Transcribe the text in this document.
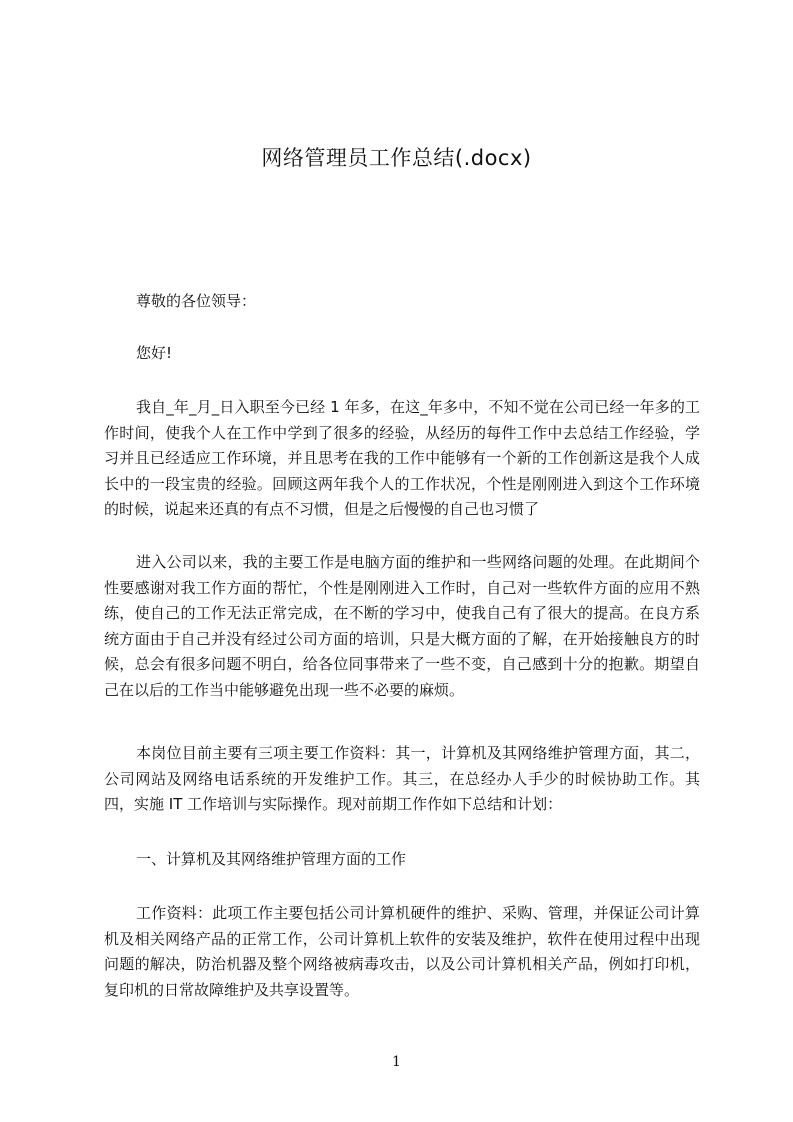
网络管理员工作总结(.docx)

尊敬的各位领导：

您好!

我自_年_月_日入职至今已经 1 年多，在这_年多中，不知不觉在公司已经一年多的工作时间，使我个人在工作中学到了很多的经验，从经历的每件工作中去总结工作经验，学习并且已经适应工作环境，并且思考在我的工作中能够有一个新的工作创新这是我个人成长中的一段宝贵的经验。回顾这两年我个人的工作状况，个性是刚刚进入到这个工作环境的时候，说起来还真的有点不习惯，但是之后慢慢的自己也习惯了

进入公司以来，我的主要工作是电脑方面的维护和一些网络问题的处理。在此期间个性要感谢对我工作方面的帮忙，个性是刚刚进入工作时，自己对一些软件方面的应用不熟练，使自己的工作无法正常完成，在不断的学习中，使我自己有了很大的提高。在良方系统方面由于自己并没有经过公司方面的培训，只是大概方面的了解，在开始接触良方的时候，总会有很多问题不明白，给各位同事带来了一些不变，自己感到十分的抱歉。期望自己在以后的工作当中能够避免出现一些不必要的麻烦。

本岗位目前主要有三项主要工作资料：其一，计算机及其网络维护管理方面，其二，公司网站及网络电话系统的开发维护工作。其三，在总经办人手少的时候协助工作。其四，实施 IT 工作培训与实际操作。现对前期工作作如下总结和计划：

一、计算机及其网络维护管理方面的工作

工作资料：此项工作主要包括公司计算机硬件的维护、采购、管理，并保证公司计算机及相关网络产品的正常工作，公司计算机上软件的安装及维护，软件在使用过程中出现问题的解决，防治机器及整个网络被病毒攻击，以及公司计算机相关产品，例如打印机，复印机的日常故障维护及共享设置等。

1
